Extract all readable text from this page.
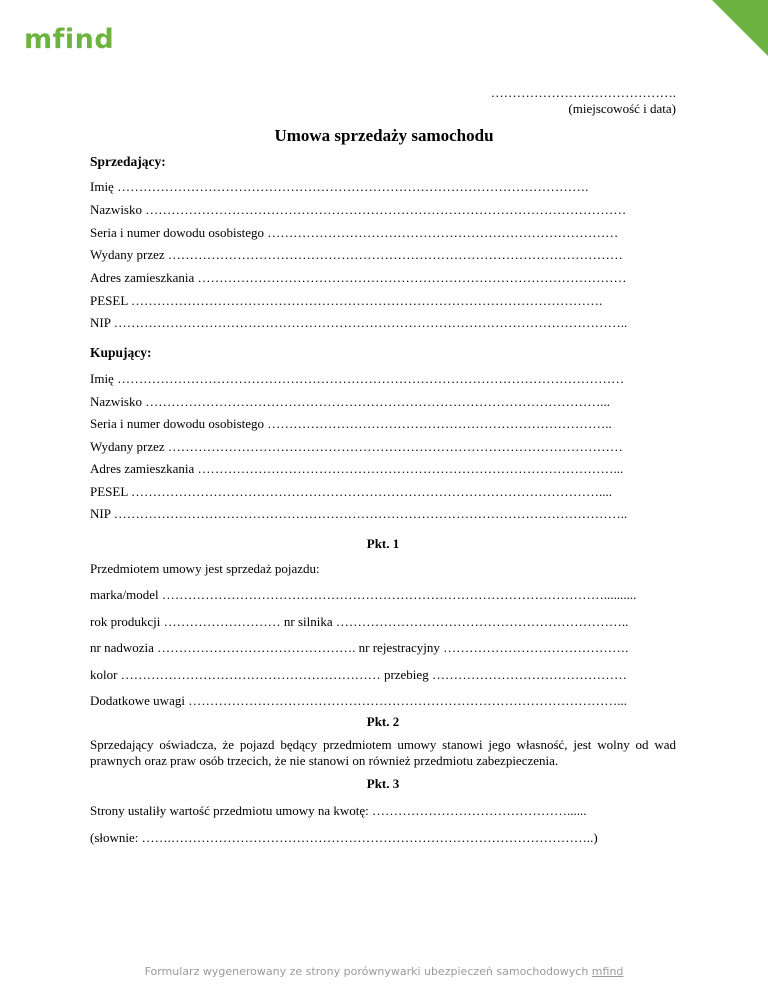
mfind
…………………………………….
(miejscowość i data)
Umowa sprzedaży samochodu
Sprzedający:
Imię ……………………………………………………………………………………………….
Nazwisko …………………………………………………………………………………………………
Seria i numer dowodu osobistego ………………………………………………………………………
Wydany przez ……………………………………………………………………………………………
Adres zamieszkania ………………………………………………………………………………………
PESEL ……………………………………………………………………………………………….
NIP ………………………………………………………………………………………………………..
Kupujący:
Imię ………………………………………………………………………………………………………
Nazwisko ……………………………………………………………………………………………...
Seria i numer dowodu osobistego ……………………………………………………………………..
Wydany przez ……………………………………………………………………………………………
Adres zamieszkania ……………………………………………………………………………………...
PESEL ………………………………………………………………………………………………....
NIP ………………………………………………………………………………………………………..
Pkt. 1
Przedmiotem umowy jest sprzedaż pojazdu:
marka/model …………………………………………………………………………………………..........
rok produkcji ……………………… nr silnika …………………………………………………………..
nr nadwozia ………………………………………. nr rejestracyjny …………………………………….
kolor …………………………………………………… przebieg ………………………………………
Dodatkowe uwagi ………………………………………………………………………………………...
Pkt. 2
Sprzedający oświadcza, że pojazd będący przedmiotem umowy stanowi jego własność, jest wolny od wad prawnych oraz praw osób trzecich, że nie stanowi on również przedmiotu zabezpieczenia.
Pkt. 3
Strony ustaliły wartość przedmiotu umowy na kwotę: ………………………………………......
(słownie: …….……………………………………………………………………………………..)
Formularz wygenerowany ze strony porównywarki ubezpieczeń samochodowych mfind
